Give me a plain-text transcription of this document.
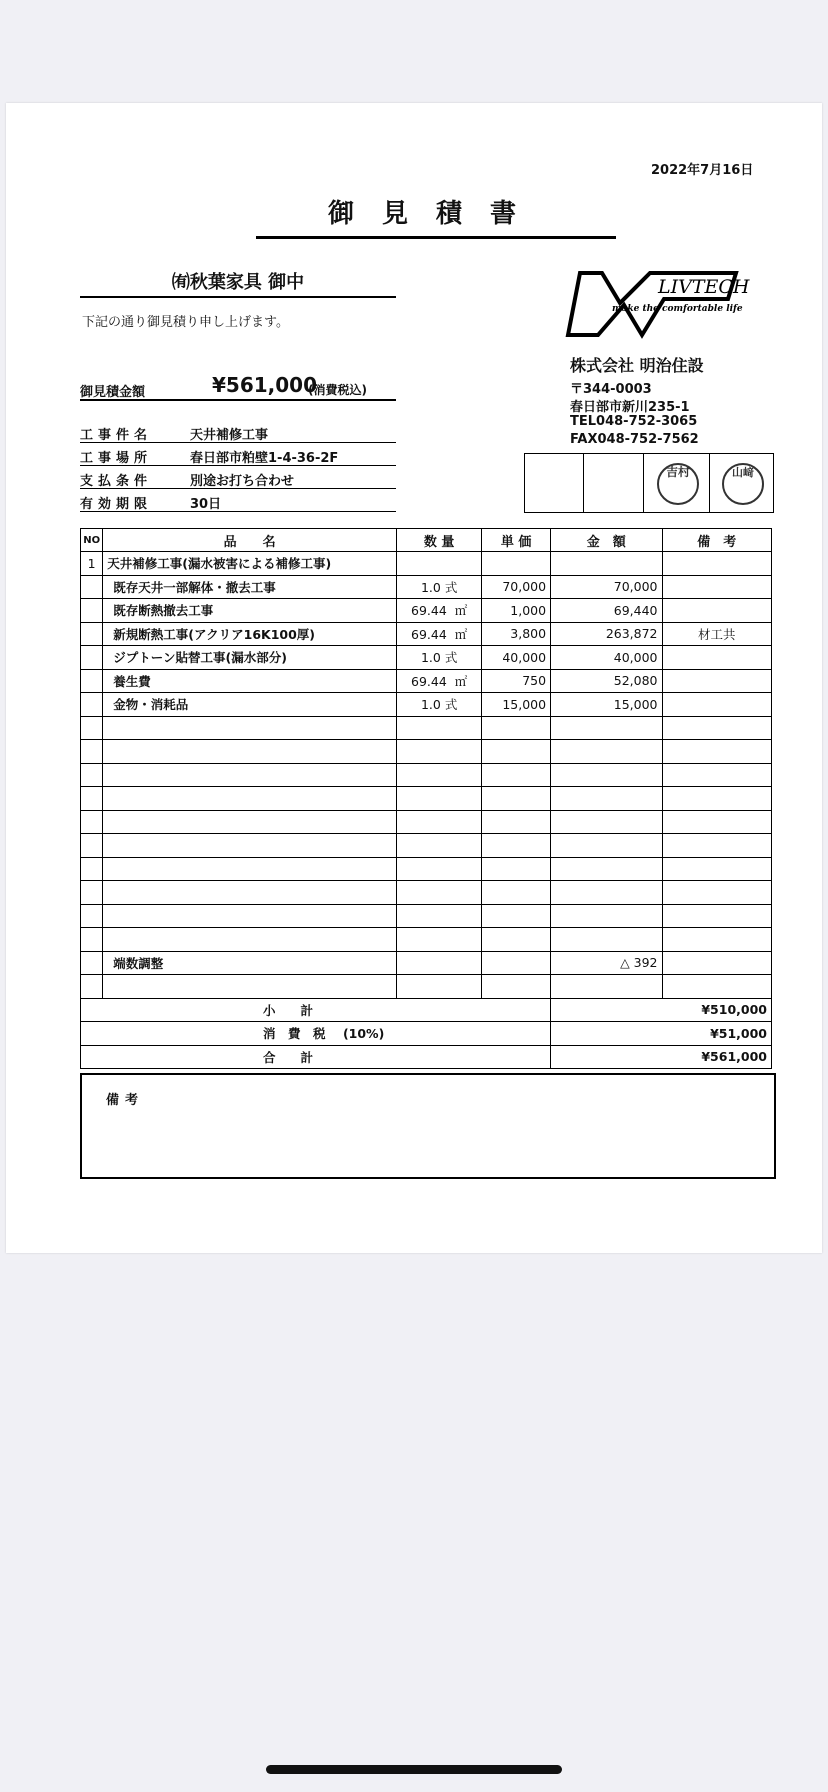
2022年7月16日
御見積書
㈲秋葉家具 御中
下記の通り御見積り申し上げます。
御見積金額	¥561,000
(消費税込)
工事件名	天井補修工事
工事場所	春日部市粕壁1-4-36-2F
支払条件	別途お打ち合わせ
有効期限	30日
LIVTECH
make the comfortable life
株式会社 明治住設
〒344-0003
春日部市新川235-1
TEL048-752-3065
FAX048-752-7562
吉村	山﨑
NO	品　　名	数 量	単 価	金　額	備　考
1	天井補修工事(漏水被害による補修工事)				
	既存天井一部解体・撤去工事	1.0 式	70,000	70,000	
	既存断熱撤去工事	69.44 ㎡	1,000	69,440	
	新規断熱工事(アクリア16K100厚)	69.44 ㎡	3,800	263,872	材工共
	ジプトーン貼替工事(漏水部分)	1.0 式	40,000	40,000	
	養生費	69.44 ㎡	750	52,080	
	金物・消耗品	1.0 式	15,000	15,000	

	端数調整			△ 392	

小　　計				¥510,000	
消　費　税 (10%)				¥51,000	
合　　計				¥561,000	
備考
